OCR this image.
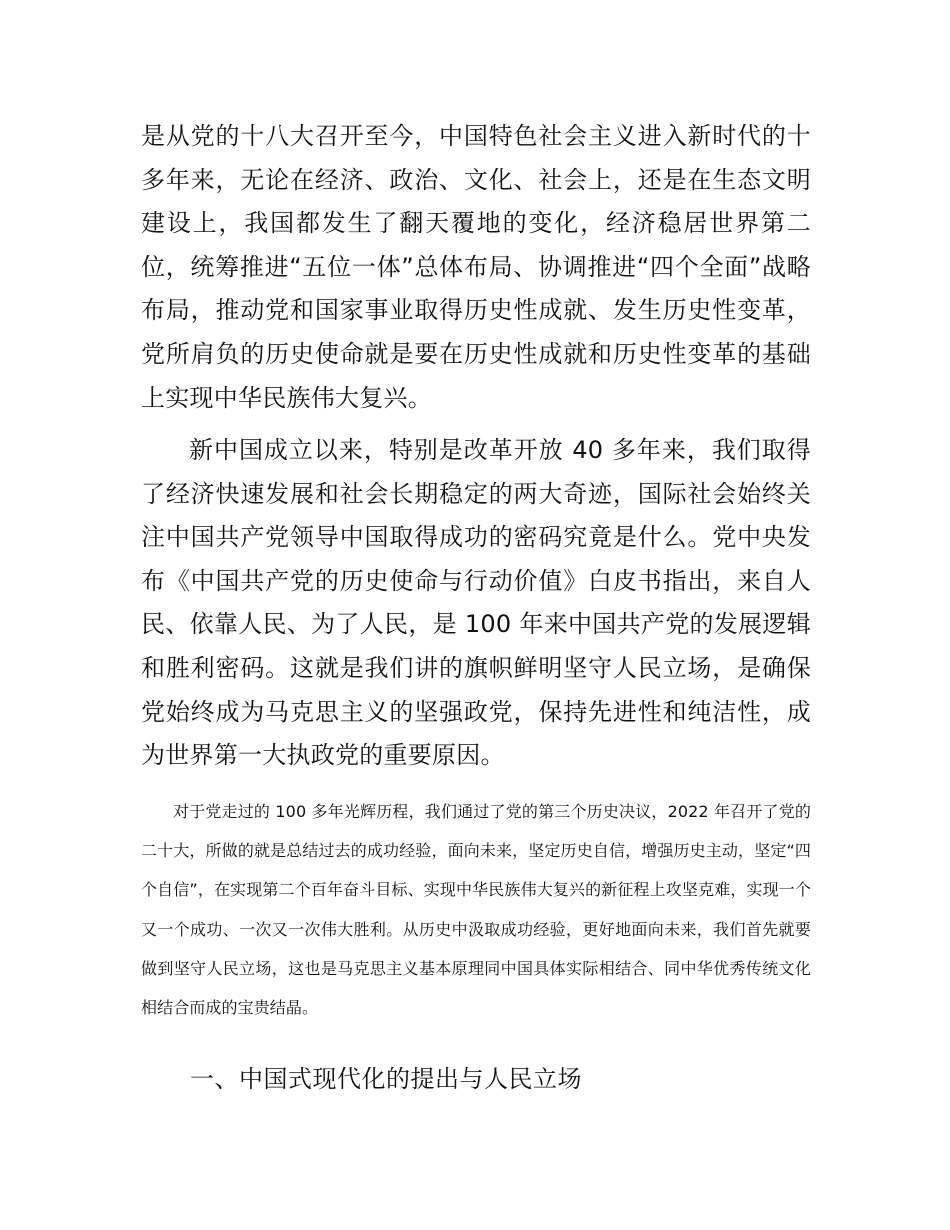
是从党的十八大召开至今，中国特色社会主义进入新时代的十多年来，无论在经济、政治、文化、社会上，还是在生态文明建设上，我国都发生了翻天覆地的变化，经济稳居世界第二位，统筹推进“五位一体”总体布局、协调推进“四个全面”战略布局，推动党和国家事业取得历史性成就、发生历史性变革，党所肩负的历史使命就是要在历史性成就和历史性变革的基础上实现中华民族伟大复兴。

新中国成立以来，特别是改革开放 40 多年来，我们取得了经济快速发展和社会长期稳定的两大奇迹，国际社会始终关注中国共产党领导中国取得成功的密码究竟是什么。党中央发布《中国共产党的历史使命与行动价值》白皮书指出，来自人民、依靠人民、为了人民，是 100 年来中国共产党的发展逻辑和胜利密码。这就是我们讲的旗帜鲜明坚守人民立场，是确保党始终成为马克思主义的坚强政党，保持先进性和纯洁性，成为世界第一大执政党的重要原因。

对于党走过的 100 多年光辉历程，我们通过了党的第三个历史决议，2022 年召开了党的二十大，所做的就是总结过去的成功经验，面向未来，坚定历史自信，增强历史主动，坚定“四个自信”，在实现第二个百年奋斗目标、实现中华民族伟大复兴的新征程上攻坚克难，实现一个又一个成功、一次又一次伟大胜利。从历史中汲取成功经验，更好地面向未来，我们首先就要做到坚守人民立场，这也是马克思主义基本原理同中国具体实际相结合、同中华优秀传统文化相结合而成的宝贵结晶。

一、中国式现代化的提出与人民立场
